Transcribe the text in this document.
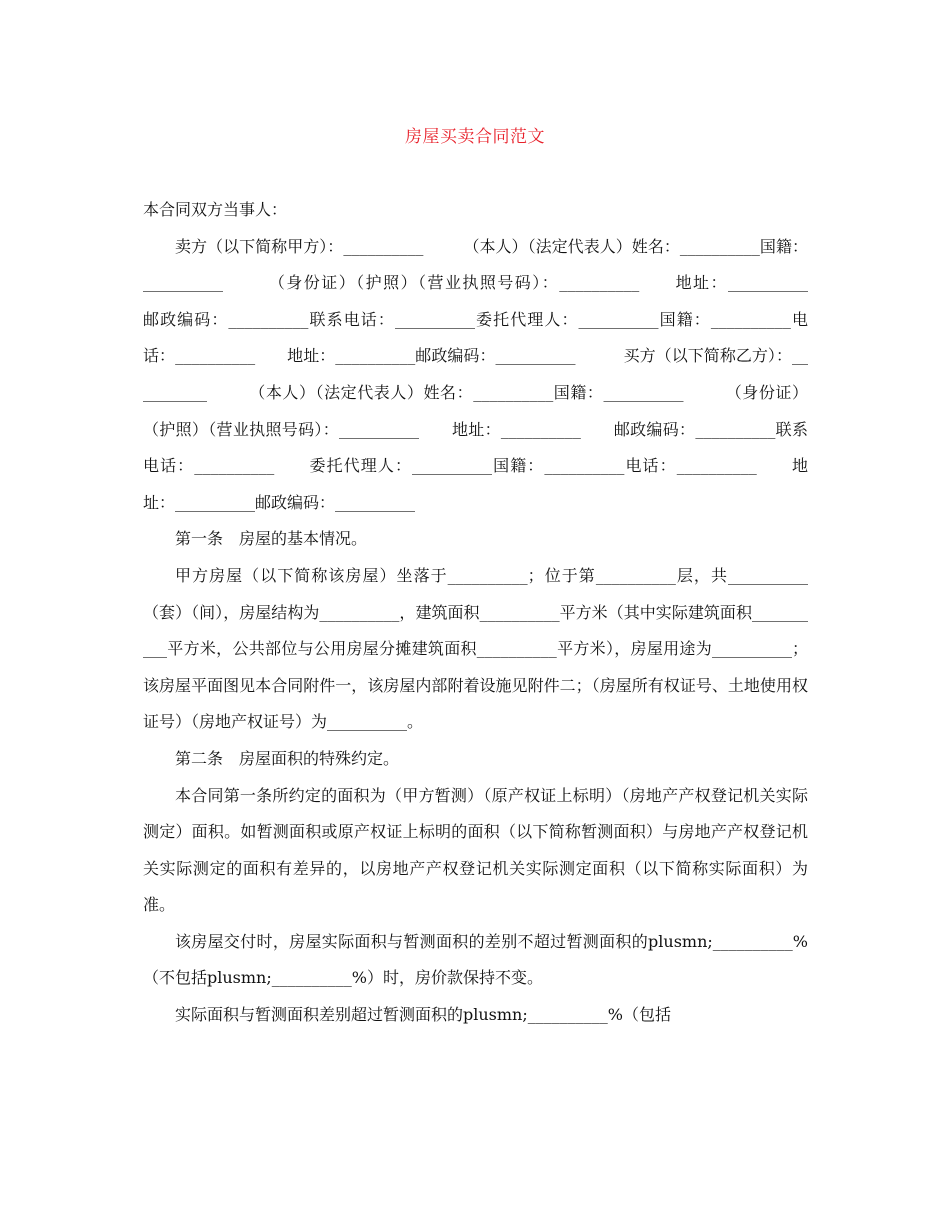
房屋买卖合同范文

本合同双方当事人：

卖方（以下简称甲方）：__________　　　（本人）（法定代表人）姓名：__________国籍：__________　　　（身份证）（护照）（营业执照号码）：__________　　地址：__________　　邮政编码：__________联系电话：__________委托代理人：__________国籍：__________电话：__________　　地址：__________邮政编码：__________　　　买方（以下简称乙方）：__________　　　（本人）（法定代表人）姓名：__________国籍：__________　　　（身份证）（护照）（营业执照号码）：__________　　地址：__________　　邮政编码：__________联系电话：__________　　委托代理人：__________国籍：__________电话：__________　　地址：__________邮政编码：__________

第一条　房屋的基本情况。

甲方房屋（以下简称该房屋）坐落于__________；位于第__________层，共__________（套）（间），房屋结构为__________，建筑面积__________平方米（其中实际建筑面积__________平方米，公共部位与公用房屋分摊建筑面积__________平方米），房屋用途为__________；该房屋平面图见本合同附件一，该房屋内部附着设施见附件二；（房屋所有权证号、土地使用权证号）（房地产权证号）为__________。

第二条　房屋面积的特殊约定。

本合同第一条所约定的面积为（甲方暂测）（原产权证上标明）（房地产产权登记机关实际测定）面积。如暂测面积或原产权证上标明的面积（以下简称暂测面积）与房地产产权登记机关实际测定的面积有差异的，以房地产产权登记机关实际测定面积（以下简称实际面积）为准。

该房屋交付时，房屋实际面积与暂测面积的差别不超过暂测面积的plusmn;__________%（不包括plusmn;__________%）时，房价款保持不变。

实际面积与暂测面积差别超过暂测面积的plusmn;__________%（包括
